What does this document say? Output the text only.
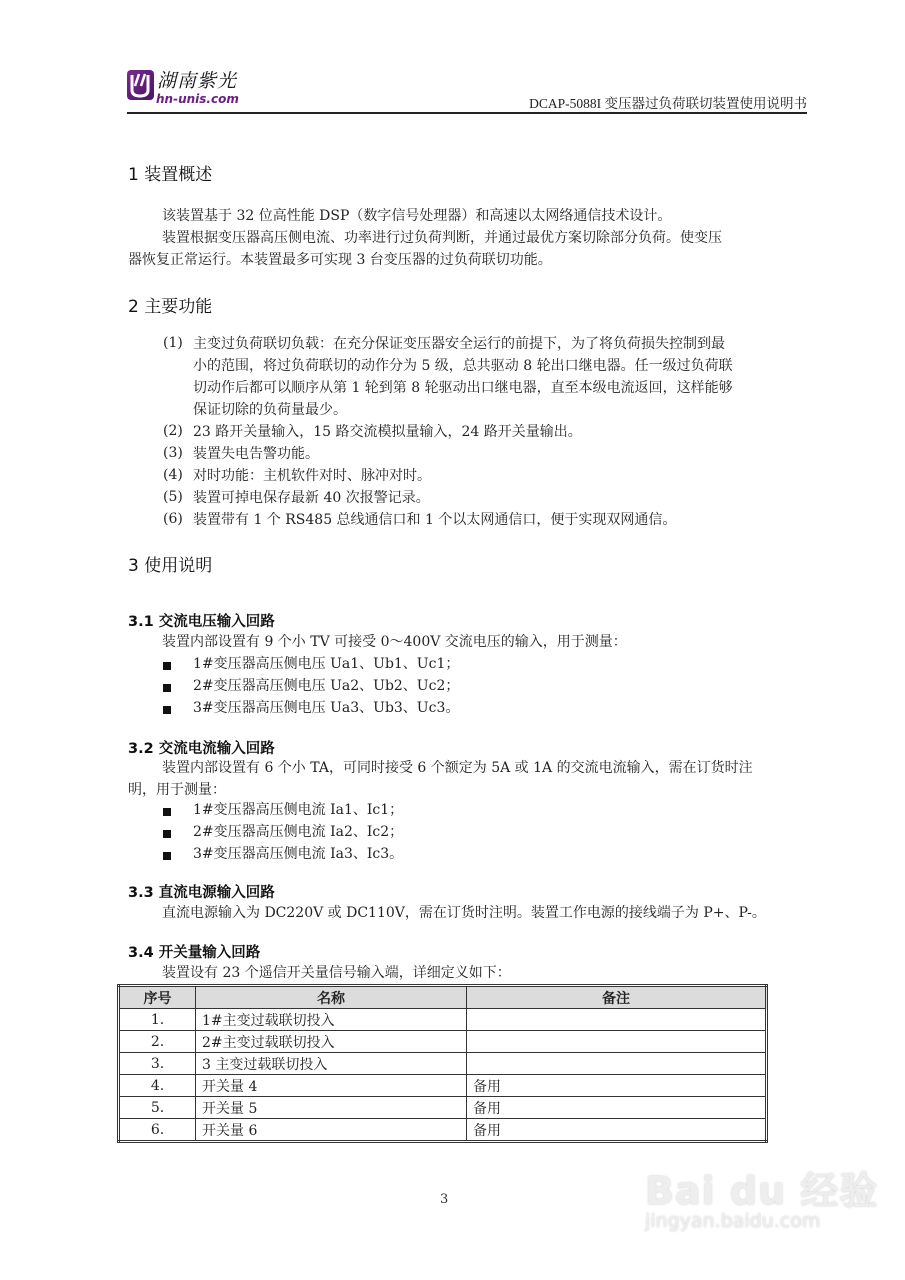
湖南紫光
hn-unis.com	DCAP-5088I 变压器过负荷联切装置使用说明书
1 装置概述
该装置基于 32 位高性能 DSP（数字信号处理器）和高速以太网络通信技术设计。
装置根据变压器高压侧电流、功率进行过负荷判断，并通过最优方案切除部分负荷。使变压
器恢复正常运行。本装置最多可实现 3 台变压器的过负荷联切功能。
2 主要功能
(1) 主变过负荷联切负载：在充分保证变压器安全运行的前提下，为了将负荷损失控制到最
小的范围，将过负荷联切的动作分为 5 级，总共驱动 8 轮出口继电器。任一级过负荷联
切动作后都可以顺序从第 1 轮到第 8 轮驱动出口继电器，直至本级电流返回，这样能够
保证切除的负荷量最少。
(2) 23 路开关量输入，15 路交流模拟量输入，24 路开关量输出。
(3) 装置失电告警功能。
(4) 对时功能：主机软件对时、脉冲对时。
(5) 装置可掉电保存最新 40 次报警记录。
(6) 装置带有 1 个 RS485 总线通信口和 1 个以太网通信口，便于实现双网通信。
3 使用说明
3.1 交流电压输入回路
装置内部设置有 9 个小 TV 可接受 0～400V 交流电压的输入，用于测量：
1#变压器高压侧电压 Ua1、Ub1、Uc1；
2#变压器高压侧电压 Ua2、Ub2、Uc2；
3#变压器高压侧电压 Ua3、Ub3、Uc3。
3.2 交流电流输入回路
装置内部设置有 6 个小 TA，可同时接受 6 个额定为 5A 或 1A 的交流电流输入，需在订货时注
明，用于测量：
1#变压器高压侧电流 Ia1、Ic1；
2#变压器高压侧电流 Ia2、Ic2；
3#变压器高压侧电流 Ia3、Ic3。
3.3 直流电源输入回路
直流电源输入为 DC220V 或 DC110V，需在订货时注明。装置工作电源的接线端子为 P+、P-。
3.4 开关量输入回路
装置设有 23 个遥信开关量信号输入端，详细定义如下：
序号	名称	备注
1.	1#主变过载联切投入	
2.	2#主变过载联切投入	
3.	3 主变过载联切投入	
4.	开关量 4	备用
5.	开关量 5	备用
6.	开关量 6	备用
3	Bai du 经验
jingyan.baidu.com
